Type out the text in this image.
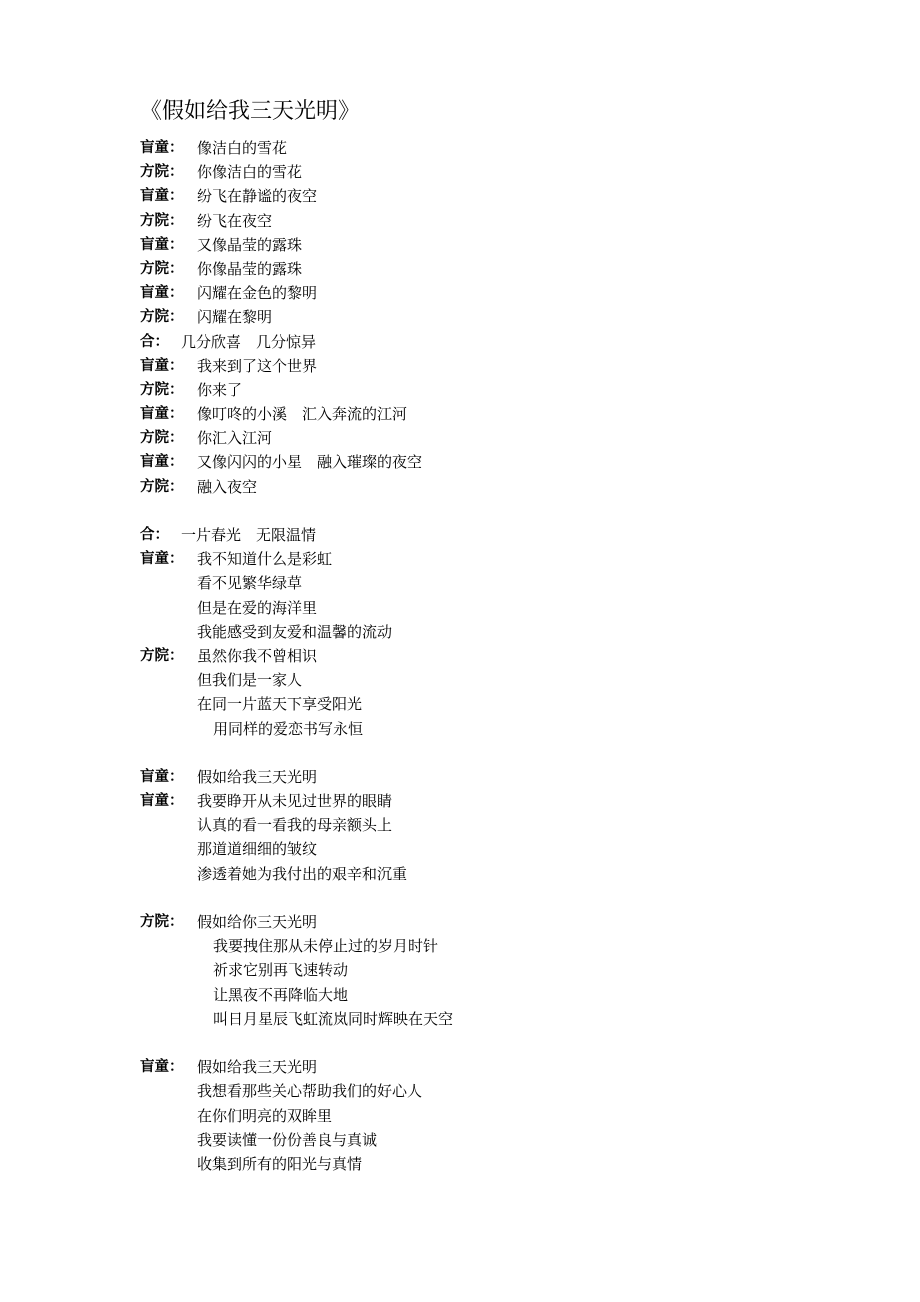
《假如给我三天光明》
盲童： 像洁白的雪花
方院： 你像洁白的雪花
盲童： 纷飞在静谧的夜空
方院： 纷飞在夜空
盲童： 又像晶莹的露珠
方院： 你像晶莹的露珠
盲童： 闪耀在金色的黎明
方院： 闪耀在黎明
合： 几分欣喜　几分惊异
盲童： 我来到了这个世界
方院： 你来了
盲童： 像叮咚的小溪　汇入奔流的江河
方院： 你汇入江河
盲童： 又像闪闪的小星　融入璀璨的夜空
方院： 融入夜空
合： 一片春光　无限温情
盲童： 我不知道什么是彩虹
看不见繁华绿草
但是在爱的海洋里
我能感受到友爱和温馨的流动
方院： 虽然你我不曾相识
但我们是一家人
在同一片蓝天下享受阳光
用同样的爱恋书写永恒
盲童： 假如给我三天光明
盲童： 我要睁开从未见过世界的眼睛
认真的看一看我的母亲额头上
那道道细细的皱纹
渗透着她为我付出的艰辛和沉重
方院： 假如给你三天光明
我要拽住那从未停止过的岁月时针
祈求它别再飞速转动
让黑夜不再降临大地
叫日月星辰飞虹流岚同时辉映在天空
盲童： 假如给我三天光明
我想看那些关心帮助我们的好心人
在你们明亮的双眸里
我要读懂一份份善良与真诚
收集到所有的阳光与真情
